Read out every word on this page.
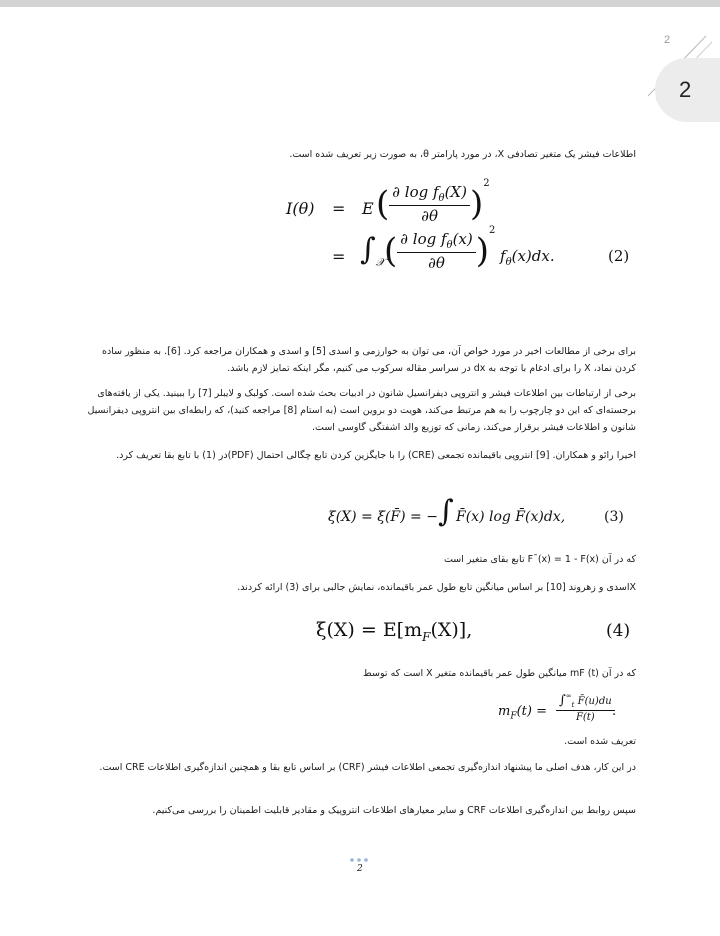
2
2
اطلاعات فیشر یک متغیر تصادفی X، در مورد پارامتر θ، به صورت زیر تعریف شده است.
I(θ) = E ( $\frac{\partial \log f_\theta(X)}{\partial\theta} )^2$
= $\int_𝒳$
( $\frac{\partial \log f_\theta(x)}{\partial\theta} )^2$
$f_\theta(x)dx$.	(2)
برای برخی از مطالعات اخیر در مورد خواص آن، می توان به خوارزمی و اسدی [5] و اسدی و همکاران مراجعه کرد. [6]. به منظور ساده کردن نماد، X را برای ادغام با توجه به dx در سراسر مقاله سرکوب می کنیم، مگر اینکه تمایز لازم باشد.
برخی از ارتباطات بین اطلاعات فیشر و انتروپی دیفرانسیل شانون در ادبیات بحث شده است. کولبک و لایبلر [7] را ببینید. یکی از یافته‌های برجسته‌ای که این دو چارچوب را به هم مرتبط می‌کند، هویت دو بروین است (به استام [8] مراجعه کنید)، که رابطه‌ای بین انتروپی دیفرانسیل شانون و اطلاعات فیشر برقرار می‌کند، زمانی که توزیع والد اشفتگی گاوسی است.
اخیرا رائو و همکاران. [9] انتروپی باقیمانده تجمعی (CRE) را با جایگزین کردن تابع چگالی احتمال (PDF)در (1) با تابع بقا تعریف کرد.
ξ(X) = ξ(F̄) = − ∫ F̄(x) log F̄(x)dx,	(3)
که در آن F¯(x) = 1 - F(x) تابع بقای متغیر است
Xاسدی و زهروند [10] بر اساس میانگین تابع طول عمر باقیمانده، نمایش جالبی برای (3) ارائه کردند.
$\xi(X) = E[m_F(X)]$,	(4)
که در آن mF (t) میانگین طول عمر باقیمانده متغیر X است که توسط
$m_F(t) = \frac{\int^\infty_t F̄(u)du}{F̄(t)}$
.
تعریف شده است.
در این کار، هدف اصلی ما پیشنهاد اندازه‌گیری تجمعی اطلاعات فیشر (CRF) بر اساس تابع بقا و همچنین اندازه‌گیری اطلاعات CRE است.
سپس روابط بین اندازه‌گیری اطلاعات CRF و سایر معیارهای اطلاعات انتروپیک و مقادیر قابلیت اطمینان را بررسی می‌کنیم.
2
